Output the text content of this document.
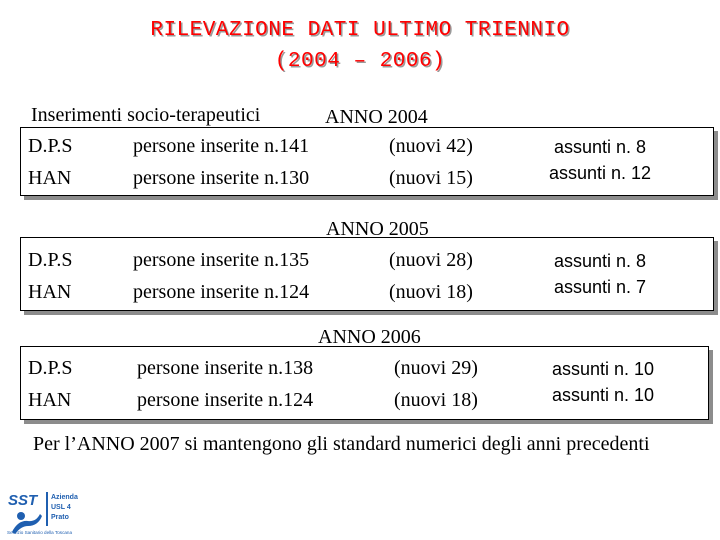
RILEVAZIONE DATI ULTIMO TRIENNIO
(2004 – 2006)
Inserimenti socio-terapeutici	ANNO 2004
D.P.S	persone inserite n.141	(nuovi 42)	assunti n. 8
HAN	persone inserite n.130	(nuovi 15)	assunti n. 12
ANNO 2005
D.P.S	persone inserite n.135	(nuovi 28)	assunti n. 8
HAN	persone inserite n.124	(nuovi 18)	assunti n. 7
ANNO 2006
D.P.S	persone inserite n.138	(nuovi 29)	assunti n. 10
HAN	persone inserite n.124	(nuovi 18)	assunti n. 10
Per l’ANNO 2007 si mantengono gli standard numerici degli anni precedenti
SST Azienda
USL 4
Prato
Servizio Sanitario della Toscana
